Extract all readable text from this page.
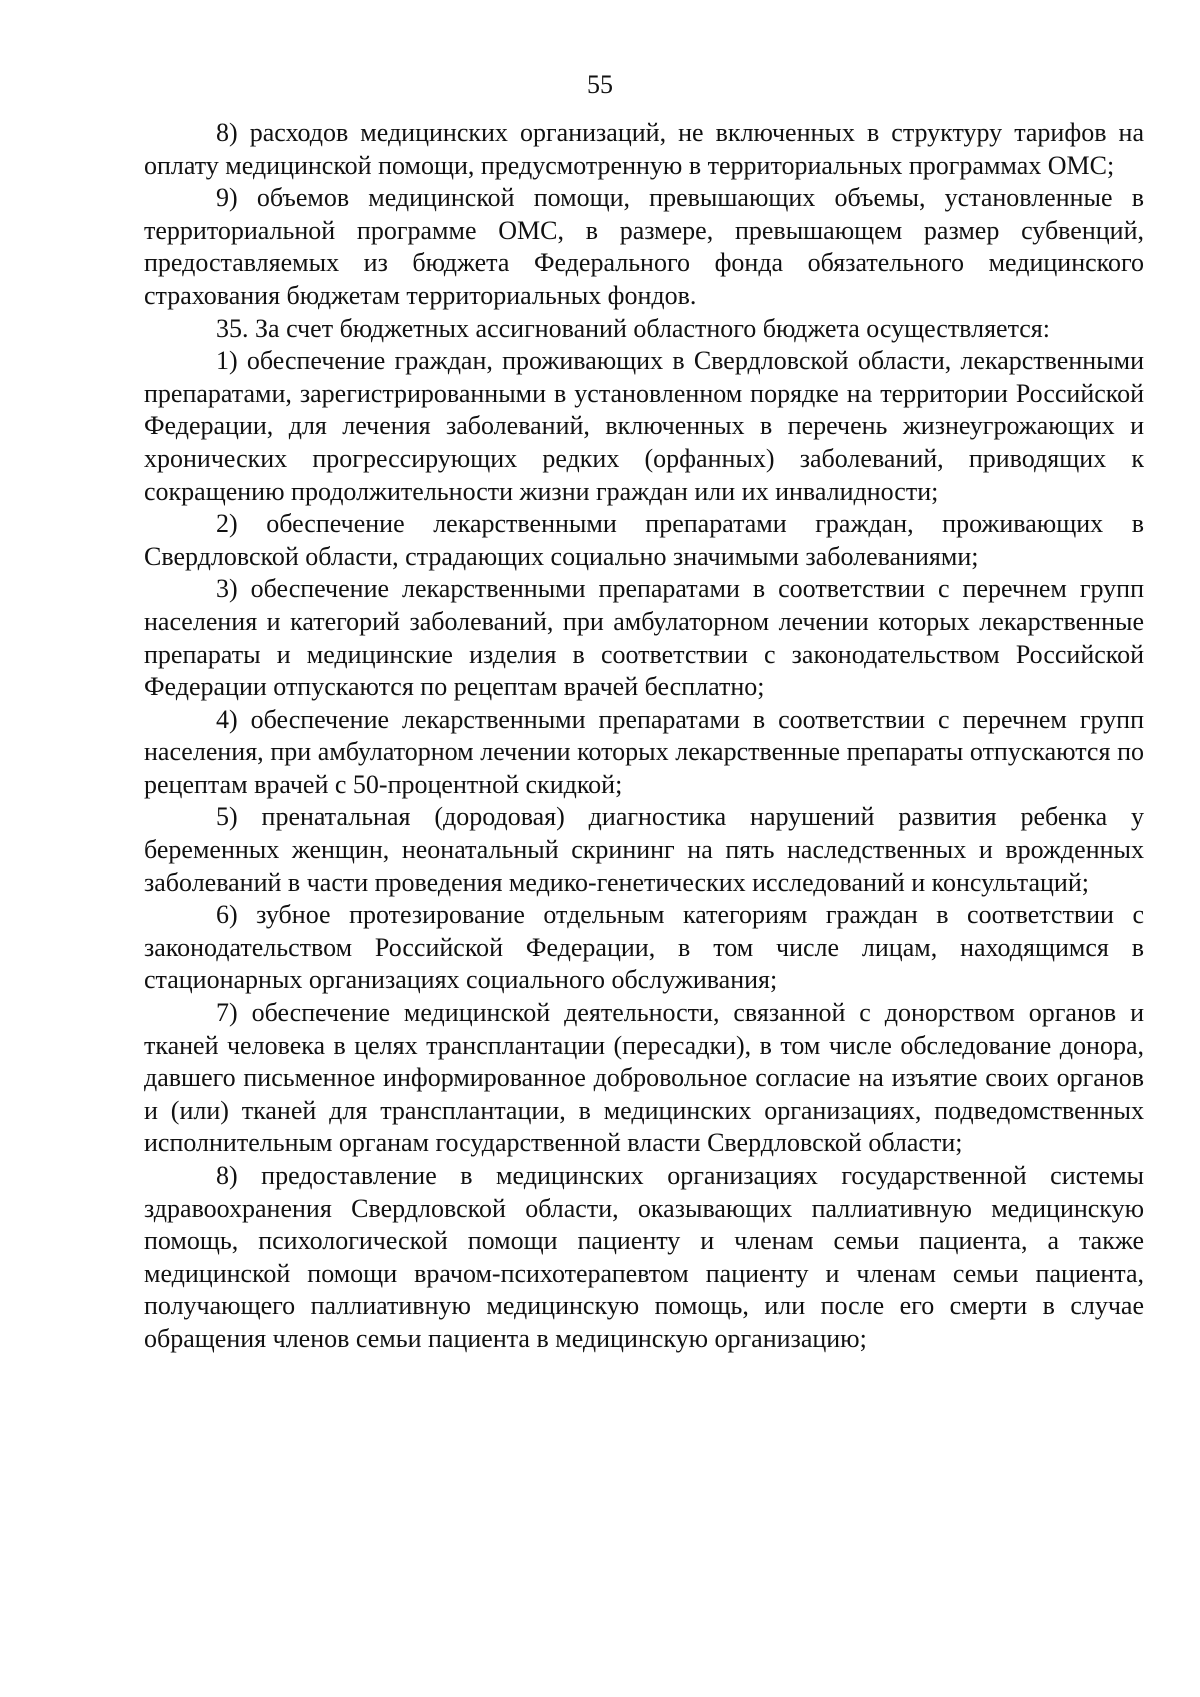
55

8) расходов медицинских организаций, не включенных в структуру тарифов на оплату медицинской помощи, предусмотренную в территориальных программах ОМС;

9) объемов медицинской помощи, превышающих объемы, установленные в территориальной программе ОМС, в размере, превышающем размер субвенций, предоставляемых из бюджета Федерального фонда обязательного медицинского страхования бюджетам территориальных фондов.

35. За счет бюджетных ассигнований областного бюджета осуществляется:

1) обеспечение граждан, проживающих в Свердловской области, лекарственными препаратами, зарегистрированными в установленном порядке на территории Российской Федерации, для лечения заболеваний, включенных в перечень жизнеугрожающих и хронических прогрессирующих редких (орфанных) заболеваний, приводящих к сокращению продолжительности жизни граждан или их инвалидности;

2) обеспечение лекарственными препаратами граждан, проживающих в Свердловской области, страдающих социально значимыми заболеваниями;

3) обеспечение лекарственными препаратами в соответствии с перечнем групп населения и категорий заболеваний, при амбулаторном лечении которых лекарственные препараты и медицинские изделия в соответствии с законодательством Российской Федерации отпускаются по рецептам врачей бесплатно;

4) обеспечение лекарственными препаратами в соответствии с перечнем групп населения, при амбулаторном лечении которых лекарственные препараты отпускаются по рецептам врачей с 50-процентной скидкой;

5) пренатальная (дородовая) диагностика нарушений развития ребенка у беременных женщин, неонатальный скрининг на пять наследственных и врожденных заболеваний в части проведения медико-генетических исследований и консультаций;

6) зубное протезирование отдельным категориям граждан в соответствии с законодательством Российской Федерации, в том числе лицам, находящимся в стационарных организациях социального обслуживания;

7) обеспечение медицинской деятельности, связанной с донорством органов и тканей человека в целях трансплантации (пересадки), в том числе обследование донора, давшего письменное информированное добровольное согласие на изъятие своих органов и (или) тканей для трансплантации, в медицинских организациях, подведомственных исполнительным органам государственной власти Свердловской области;

8) предоставление в медицинских организациях государственной системы здравоохранения Свердловской области, оказывающих паллиативную медицинскую помощь, психологической помощи пациенту и членам семьи пациента, а также медицинской помощи врачом-психотерапевтом пациенту и членам семьи пациента, получающего паллиативную медицинскую помощь, или после его смерти в случае обращения членов семьи пациента в медицинскую организацию;
